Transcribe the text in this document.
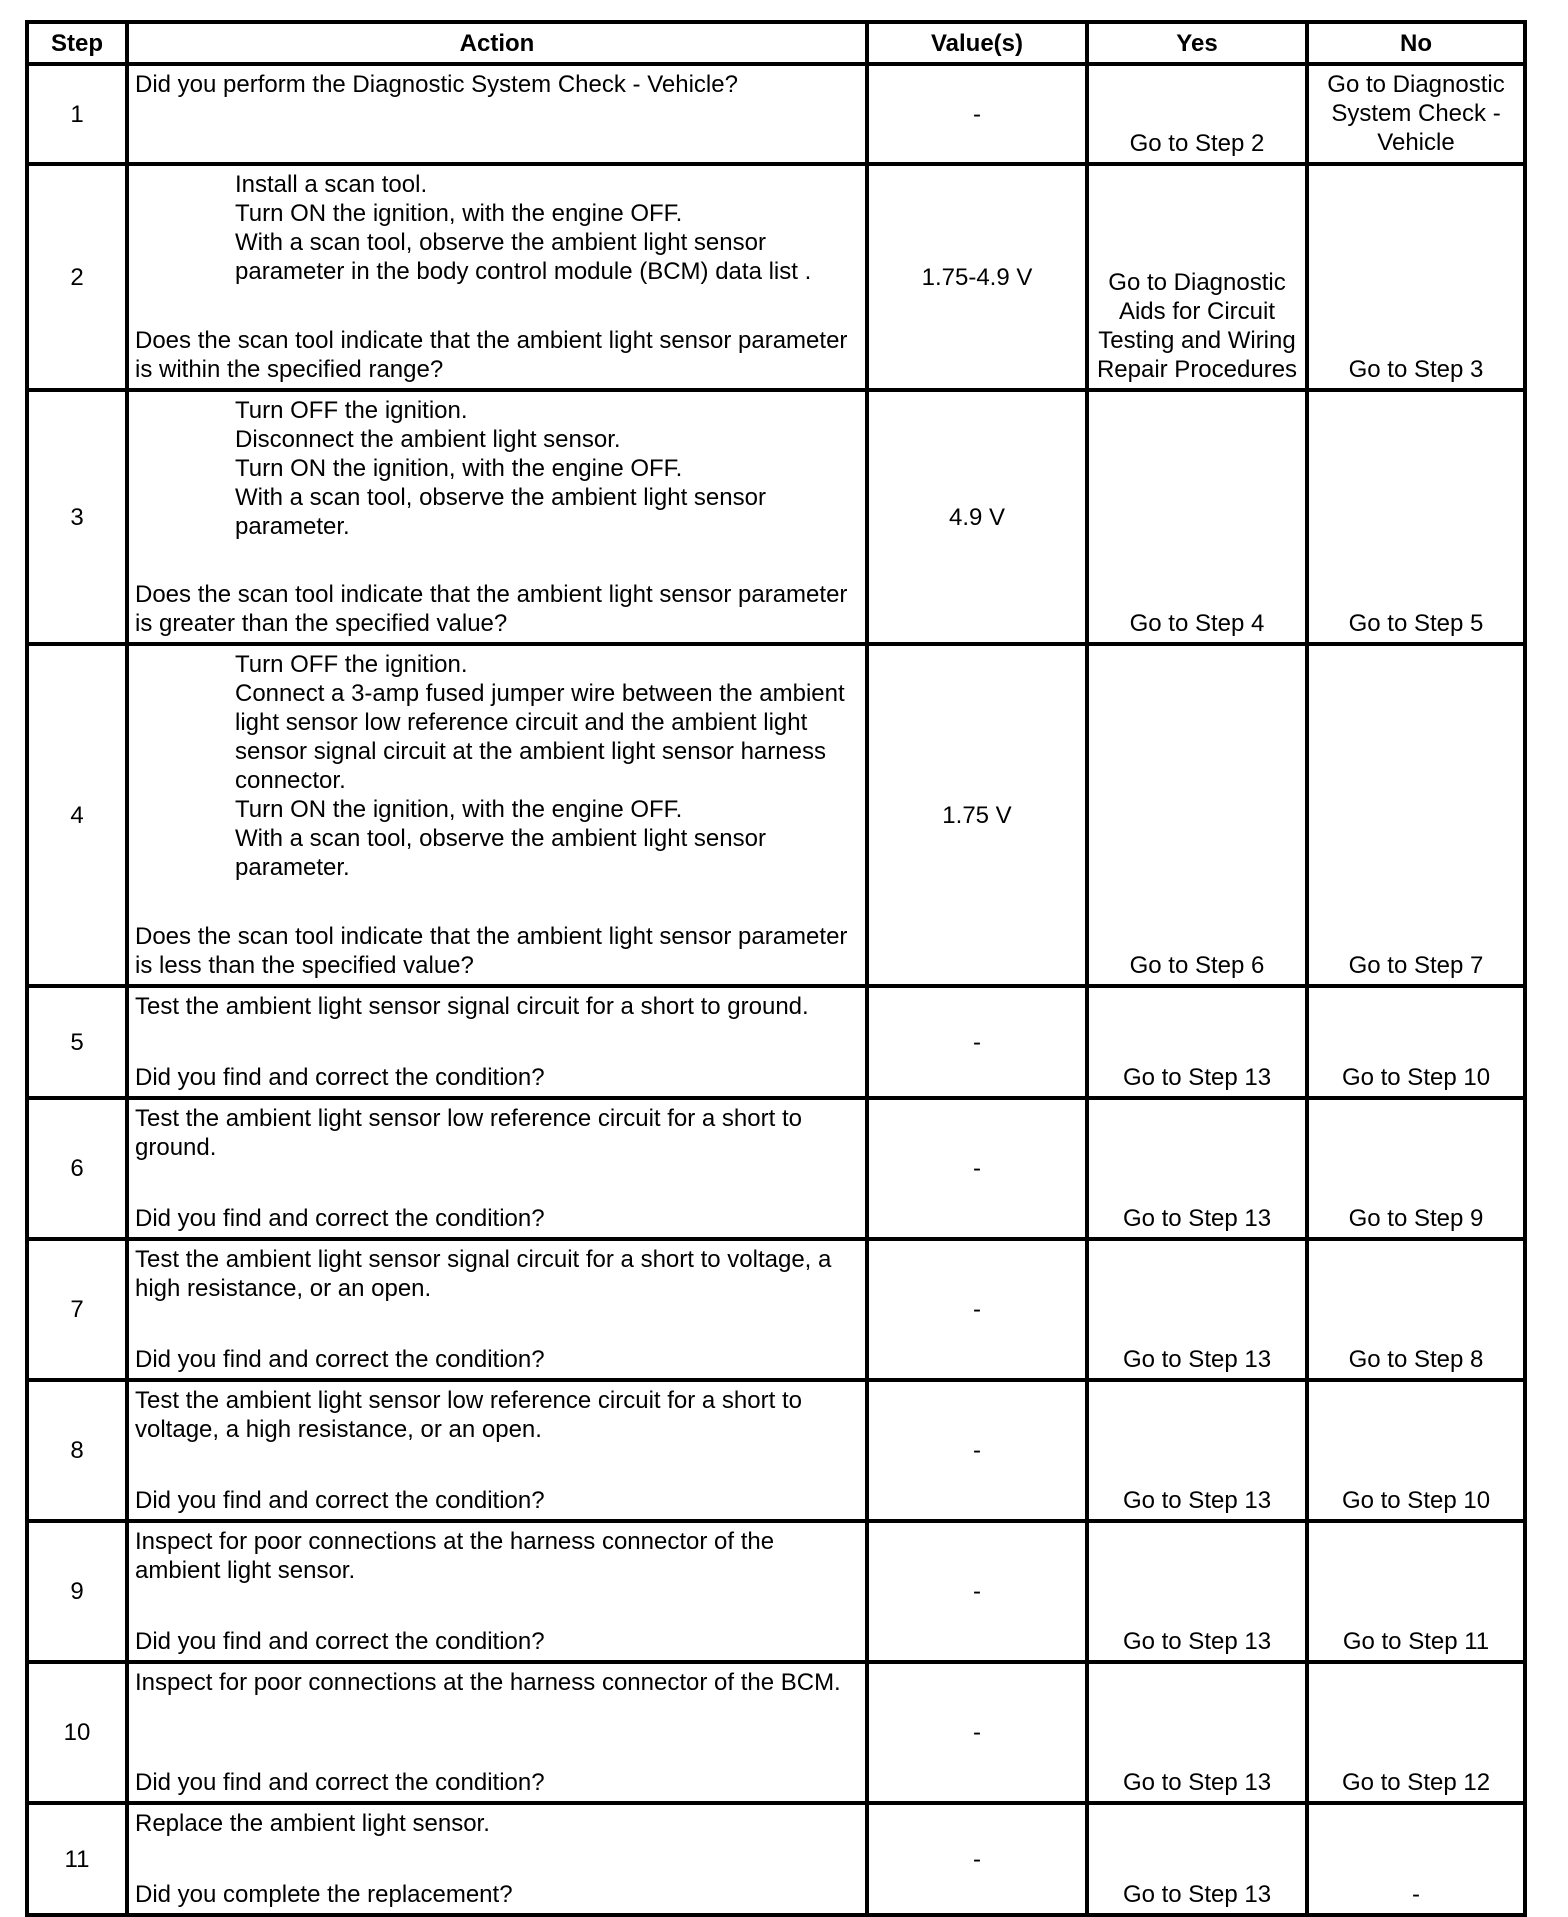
Step	Action	Value(s)	Yes	No
1	Did you perform the Diagnostic System Check - Vehicle?	-	Go to Step 2	Go to Diagnostic System Check - Vehicle
2	Install a scan tool.
Turn ON the ignition, with the engine OFF.
With a scan tool, observe the ambient light sensor parameter in the body control module (BCM) data list .
Does the scan tool indicate that the ambient light sensor parameter is within the specified range?	1.75-4.9 V	Go to Diagnostic Aids for Circuit Testing and Wiring Repair Procedures	Go to Step 3
3	Turn OFF the ignition.
Disconnect the ambient light sensor.
Turn ON the ignition, with the engine OFF.
With a scan tool, observe the ambient light sensor parameter.
Does the scan tool indicate that the ambient light sensor parameter is greater than the specified value?	4.9 V	Go to Step 4	Go to Step 5
4	Turn OFF the ignition.
Connect a 3-amp fused jumper wire between the ambient light sensor low reference circuit and the ambient light sensor signal circuit at the ambient light sensor harness connector.
Turn ON the ignition, with the engine OFF.
With a scan tool, observe the ambient light sensor parameter.
Does the scan tool indicate that the ambient light sensor parameter is less than the specified value?	1.75 V	Go to Step 6	Go to Step 7
5	Test the ambient light sensor signal circuit for a short to ground.
Did you find and correct the condition?	-	Go to Step 13	Go to Step 10
6	Test the ambient light sensor low reference circuit for a short to ground.
Did you find and correct the condition?	-	Go to Step 13	Go to Step 9
7	Test the ambient light sensor signal circuit for a short to voltage, a high resistance, or an open.
Did you find and correct the condition?	-	Go to Step 13	Go to Step 8
8	Test the ambient light sensor low reference circuit for a short to voltage, a high resistance, or an open.
Did you find and correct the condition?	-	Go to Step 13	Go to Step 10
9	Inspect for poor connections at the harness connector of the ambient light sensor.
Did you find and correct the condition?	-	Go to Step 13	Go to Step 11
10	Inspect for poor connections at the harness connector of the BCM.
Did you find and correct the condition?	-	Go to Step 13	Go to Step 12
11	Replace the ambient light sensor.
Did you complete the replacement?	-	Go to Step 13	-
